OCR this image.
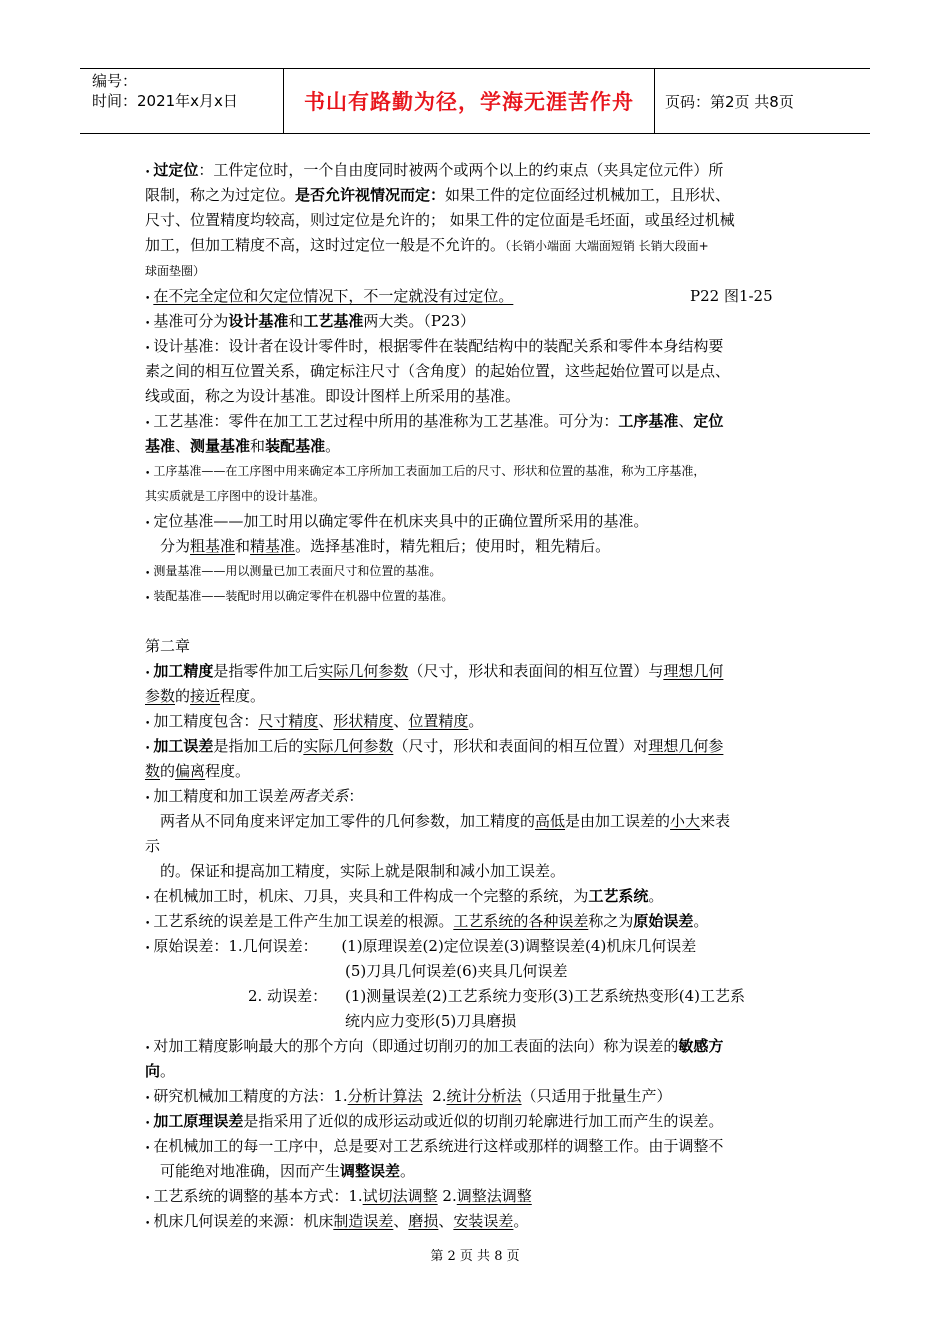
编号：
时间：2021年x月x日	书山有路勤为径，学海无涯苦作舟	页码：第2页 共8页

• 过定位：工件定位时，一个自由度同时被两个或两个以上的约束点（夹具定位元件）所

限制，称之为过定位。是否允许视情况而定：如果工件的定位面经过机械加工，且形状、

尺寸、位置精度均较高，则过定位是允许的； 如果工件的定位面是毛坯面，或虽经过机械

加工，但加工精度不高，这时过定位一般是不允许的。（长销小端面 大端面短销 长销大段面+

球面垫圈）

• 在不完全定位和欠定位情况下，不一定就没有过定位。	P22 图1-25

• 基准可分为设计基准和工艺基准两大类。（P23）

• 设计基准：设计者在设计零件时，根据零件在装配结构中的装配关系和零件本身结构要

素之间的相互位置关系，确定标注尺寸（含角度）的起始位置，这些起始位置可以是点、

线或面，称之为设计基准。即设计图样上所采用的基准。

• 工艺基准：零件在加工工艺过程中所用的基准称为工艺基准。可分为：工序基准、定位

基准、测量基准和装配基准。

• 工序基准——在工序图中用来确定本工序所加工表面加工后的尺寸、形状和位置的基准，称为工序基准，

其实质就是工序图中的设计基准。

• 定位基准——加工时用以确定零件在机床夹具中的正确位置所采用的基准。

分为粗基准和精基准。选择基准时，精先粗后；使用时，粗先精后。

• 测量基准——用以测量已加工表面尺寸和位置的基准。

• 装配基准——装配时用以确定零件在机器中位置的基准。

第二章

• 加工精度是指零件加工后实际几何参数（尺寸，形状和表面间的相互位置）与理想几何

参数的接近程度。

• 加工精度包含：尺寸精度、形状精度、位置精度。

• 加工误差是指加工后的实际几何参数（尺寸，形状和表面间的相互位置）对理想几何参

数的偏离程度。

• 加工精度和加工误差两者关系：

两者从不同角度来评定加工零件的几何参数，加工精度的高低是由加工误差的小大来表

示

的。保证和提高加工精度，实际上就是限制和减小加工误差。

• 在机械加工时，机床、刀具，夹具和工件构成一个完整的系统，为工艺系统。

• 工艺系统的误差是工件产生加工误差的根源。工艺系统的各种误差称之为原始误差。

• 原始误差：1.几何误差：	(1)原理误差(2)定位误差(3)调整误差(4)机床几何误差
(5)刀具几何误差(6)夹具几何误差
2. 动误差：	(1)测量误差(2)工艺系统力变形(3)工艺系统热变形(4)工艺系
统内应力变形(5)刀具磨损

• 对加工精度影响最大的那个方向（即通过切削刃的加工表面的法向）称为误差的敏感方

向。

• 研究机械加工精度的方法：1.分析计算法  2.统计分析法（只适用于批量生产）

• 加工原理误差是指采用了近似的成形运动或近似的切削刃轮廓进行加工而产生的误差。

• 在机械加工的每一工序中，总是要对工艺系统进行这样或那样的调整工作。由于调整不

可能绝对地准确，因而产生调整误差。

• 工艺系统的调整的基本方式：1.试切法调整 2.调整法调整

• 机床几何误差的来源：机床制造误差、磨损、安装误差。

第 2 页 共 8 页
